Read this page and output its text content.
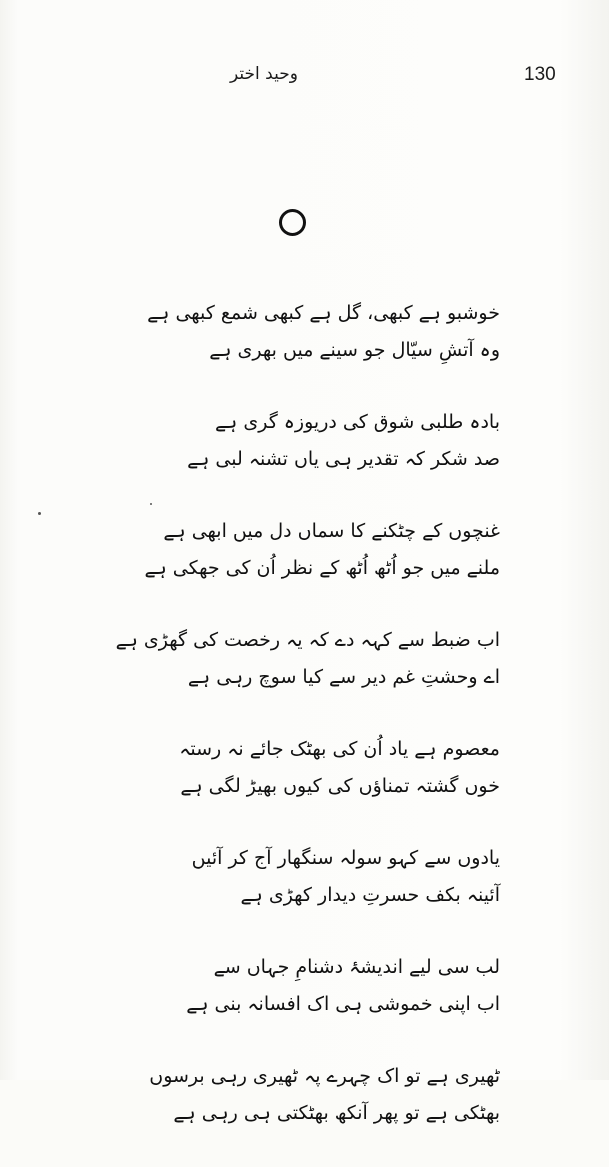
130
وحید اختر
خوشبو ہے کبھی، گل ہے کبھی شمع کبھی ہے
وہ آتشِ سیّال جو سینے میں بھری ہے
بادہ طلبی شوق کی دریوزہ گری ہے
صد شکر کہ تقدیر ہی یاں تشنہ لبی ہے
غنچوں کے چٹکنے کا سماں دل میں ابھی ہے
ملنے میں جو اُٹھ اُٹھ کے نظر اُن کی جھکی ہے
اب ضبط سے کہہ دے کہ یہ رخصت کی گھڑی ہے
اے وحشتِ غم دیر سے کیا سوچ رہی ہے
معصوم ہے یاد اُن کی بھٹک جائے نہ رستہ
خوں گشتہ تمناؤں کی کیوں بھیڑ لگی ہے
یادوں سے کہو سولہ سنگھار آج کر آئیں
آئینہ بکف حسرتِ دیدار کھڑی ہے
لب سی لیے اندیشۂ دشنامِ جہاں سے
اب اپنی خموشی ہی اک افسانہ بنی ہے
ٹھیری ہے تو اک چہرے پہ ٹھیری رہی برسوں
بھٹکی ہے تو پھر آنکھ بھٹکتی ہی رہی ہے
